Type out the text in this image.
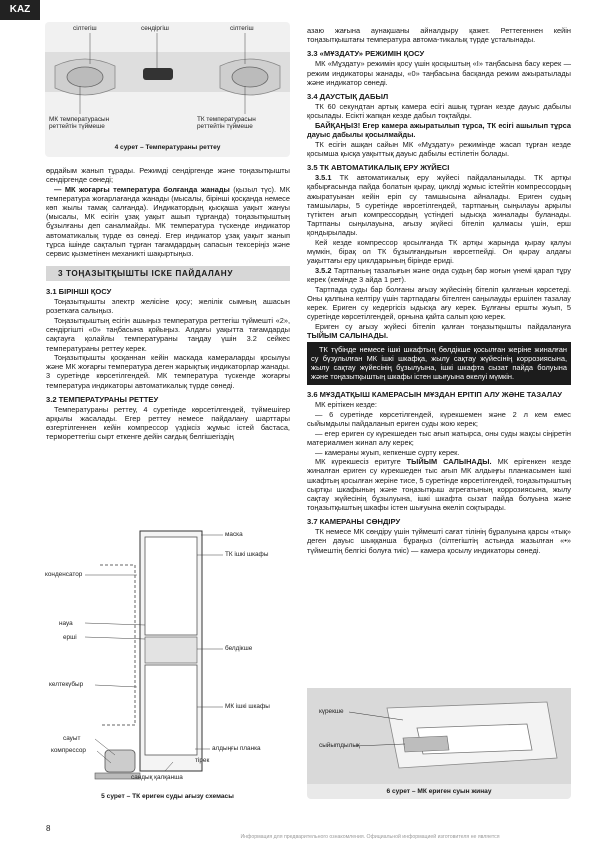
KAZ
сілтегіш	сендіргіш	сілтегіш
МК температурасын реттейтін түймеше
ТК температурасын реттейтін түймеше
4 сурет – Температураны реттеу

өрдайым жанып тұрады. Режимді сендіргенде және тоңазытқышты сендіргенде сөнеді;

— МК жоғарғы температура болғанда жанады (қызыл түс). МК температура жоғарлағанда жанады (мысалы, бірінші қосқанда немесе көп жылы тамақ салғанда). Индикатордың қысқаша уақыт жануы (мысалы, МК есігін ұзақ уақыт ашып тұрғанда) тоңазытқыштың бұзылғаны деп саналмайды. МК температура түскенде индикатор автоматикалық түрде өз сөнеді. Егер индикатор ұзақ уақыт жанып тұрса ішінде сақталып тұрған тағамдардың сапасын тексеріңіз және сервис қызметінен механикті шақыртыңыз.

3 ТОҢАЗЫТҚЫШТЫ ІСКЕ ПАЙДАЛАНУ
3.1 БІРІНШІ ҚОСУ

Тоңазытқышты электр желісіне қосу; желілік сымның ашасын розеткаға салыңыз.

Тоңазытқыштың есігін ашыңыз температура реттегіш түймешті «2», сендіргішті «0» таңбасына қойыңыз. Алдағы уақытта тағамдарды сақтауға қолайлы температураны таңдау үшін 3.2 сейкес температураны реттеу керек.

Тоңазытқышты қосқаннан кейін маскада камераларды қосылуы және МК жоғарғы температура деген жарықтық индикаторлар жанады. 3 суретінде көрсетілгендей. МК температура түскенде жоғарғы температура индикаторы автоматикалық түрде сөнеді.

3.2 ТЕМПЕРАТУРАНЫ РЕТТЕУ

Температураны реттеу, 4 суретінде көрсетілгендей, түймешігер арқылы жасалады. Егер реттеу немесе пайдалану шарттары өзгертілгеннен кейін компрессор үздіксіз жұмыс істей бастаса, термореттегіш сырт еткенге дейін сағдық белгішегіздің

маска
ТК ішкі шкафы
конденсатор
науа
ерші
белдікше
келтекүбыр
МК ішкі шкафы
сауыт
компрессор	алдыңғы планка
тірек
сандық қалқаншa
5 сурет – ТК ериген суды ағызу схемасы

азаю жағына аунақшаны айналдыру қажет. Реттегеннен кейін тоңазытқыштағы температура автома-тикалық түрде ұсталынады.

3.3 «МҰЗДАТУ» РЕЖИМІН ҚОСУ

МК «Мұздату» режимін қосу үшін қосқыштың «I» таңбасына басу керек —режим индикаторы жанады, «0» таңбасына басқанда режим ажыратылады және индикатор сөнеді.

3.4 ДАУСТЫҚ ДАБЫЛ

ТК 60 секундтан артық камера есігі ашық тұрған кезде дауыс дабылы қосылады. Есікті жапқан кезде дабыл тоқтайды.

БАЙҚАҢЫЗ! Егер камера ажыратылып тұрса, ТК есігі ашылып тұрса дауыс дабылы қосылмайды.

ТК есігін ашқан сайын МК «Мұздату» режимінде жасап тұрған кезде қосымша қысқа уақыттық дауыс дабылы естілетін болады.

3.5 ТК АВТОМАТИКАЛЫҚ ЕРУ ЖҮЙЕСІ

3.5.1 ТК автоматикалық еру жүйесі пайдаланылады. ТК артқы қабырғасында пайда болатын қырау, циклді жұмыс істейтін компрессордың ажыратуынан кейін еріп су тамшысына айналады. Ериген судың тамшылары, 5 суретінде көрсетілгендей, тартпаның сыңылауы арқылы түтіктен ағып компрессордың үстіндегі ыдысқа жиналады буланады. Тартпаны сыңылауына, ағызу жүйесі бітеліп қалмасы үшін, ерш қондырылады.

Кей кезде компрессор қосылғанда ТК артқы жарында қырау қалуы мүмкін, бірақ ол ТК бұзылғандығын көрсетпейді. Он қырау алдағы уақыттағы еру циклдарының бірінде ериді.

3.5.2 Тартпаның тазалығын және онда судың бар жоғын үнемі қарап тұру керек (кемінде 3 айда 1 рет).

Тартпада суды бар болғаны ағызу жүйесінің бітеліп қалғанын көрсетеді. Оны қалпына келтіру үшін тартпадағы бітелген саңылауды ершілен тазалау керек. Ериген су кедергісіз ыдысқа ағу керек. Бұлғаны ершты жуып, 5 суретінде көрсетілгендей, орнына қайта салып қою керек.

Ериген су ағызу жүйесі бітеліп қалған тоңазытқышты пайдалануға ТЫЙЫМ САЛЫНАДЫ.

ТК түбінде немесе ішкі шкафтың бөлдікше қосылған жеріне жиналған су бүзулылған МК ішкі шкафқа, жылу сақтау жүйесінің коррозиясына, жылу сақтау жүйесінің бұзылуына, ішкі шкафта сызат пайда болуына және тоңазытқыштың шкафы істен шығуына өкелуі мүмкін.

3.6 МҰЗДАТҚЫШ КАМЕРАСЫН МҰЗДАН ЕРІТІП АЛУ ЖӘНЕ ТАЗАЛАУ

МК ерітікен кезде:

— 6 суретінде көрсетілгендей, күрекшемен және 2 л кем емес сыйымдылы пайдаланып ериген суды жою керек;

— егер ериген су күрекшеден тыс ағып жатырса, оны суды жақсы сіңіретін материалмен жинап алу керек;

— камераны жуып, кепкенше сүрту керек.

МК күрекшесіз еритуге ТЫЙЫМ САЛЫНАДЫ. МК ерігенкен кезде жиналған ериген су күрекшеден тыс ағып МК алдыңғы планкасымен ішкі шкафтың қосылған жеріне тисе, 5 суретінде көрсетілгендей, тоңазытқыштың сыртқы шкафының және тоңазытқыш агрегатының коррозиясына, жылу сақтау жүйесінің бұзылуына, ішкі шкафта сызат пайда болуына және тоңазытқыштың шкафы істен шығуына өкеліп соқтырады.

3.7 КАМЕРАНЫ СӨНДІРУ

ТК немесе МК сөндіру үшін түймешті сағат тілінің бұралуына қарсы «тық» деген дауыс шыққанша бұраңыз (сілтегіштің астында жазылған «•» түймештің белгісі болуға тиіс) — камера қосылу индикаторы сөнеді.

күрекше
сыйыmдылық
6 сурет – МК ериген суын жинау
8
Информация для предварительного ознакомления. Официальной информацией изготовителя не является
